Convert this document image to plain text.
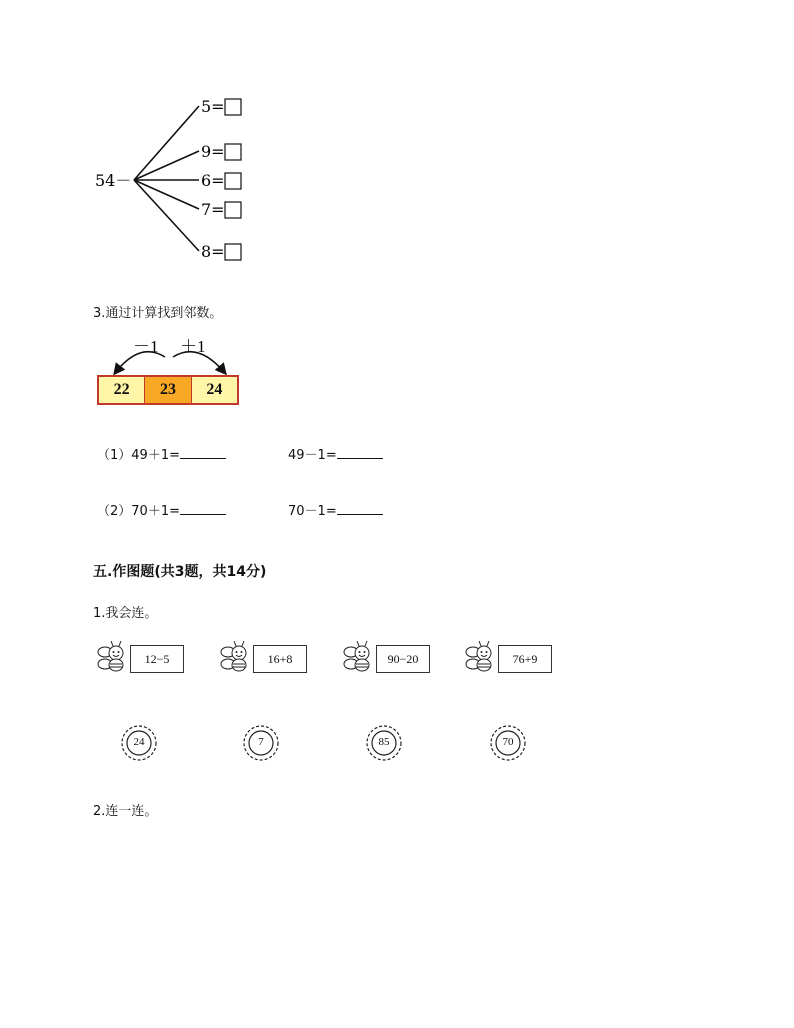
54－
5=
9=
6=
7=
8=
3.通过计算找到邻数。
－1 ＋1
22	23	24
（1）49＋1=	49－1=
（2）70＋1=	70－1=
五.作图题(共3题，共14分)
1.我会连。
12−5	16+8	90−20	76+9
24	7	85	70
2.连一连。
